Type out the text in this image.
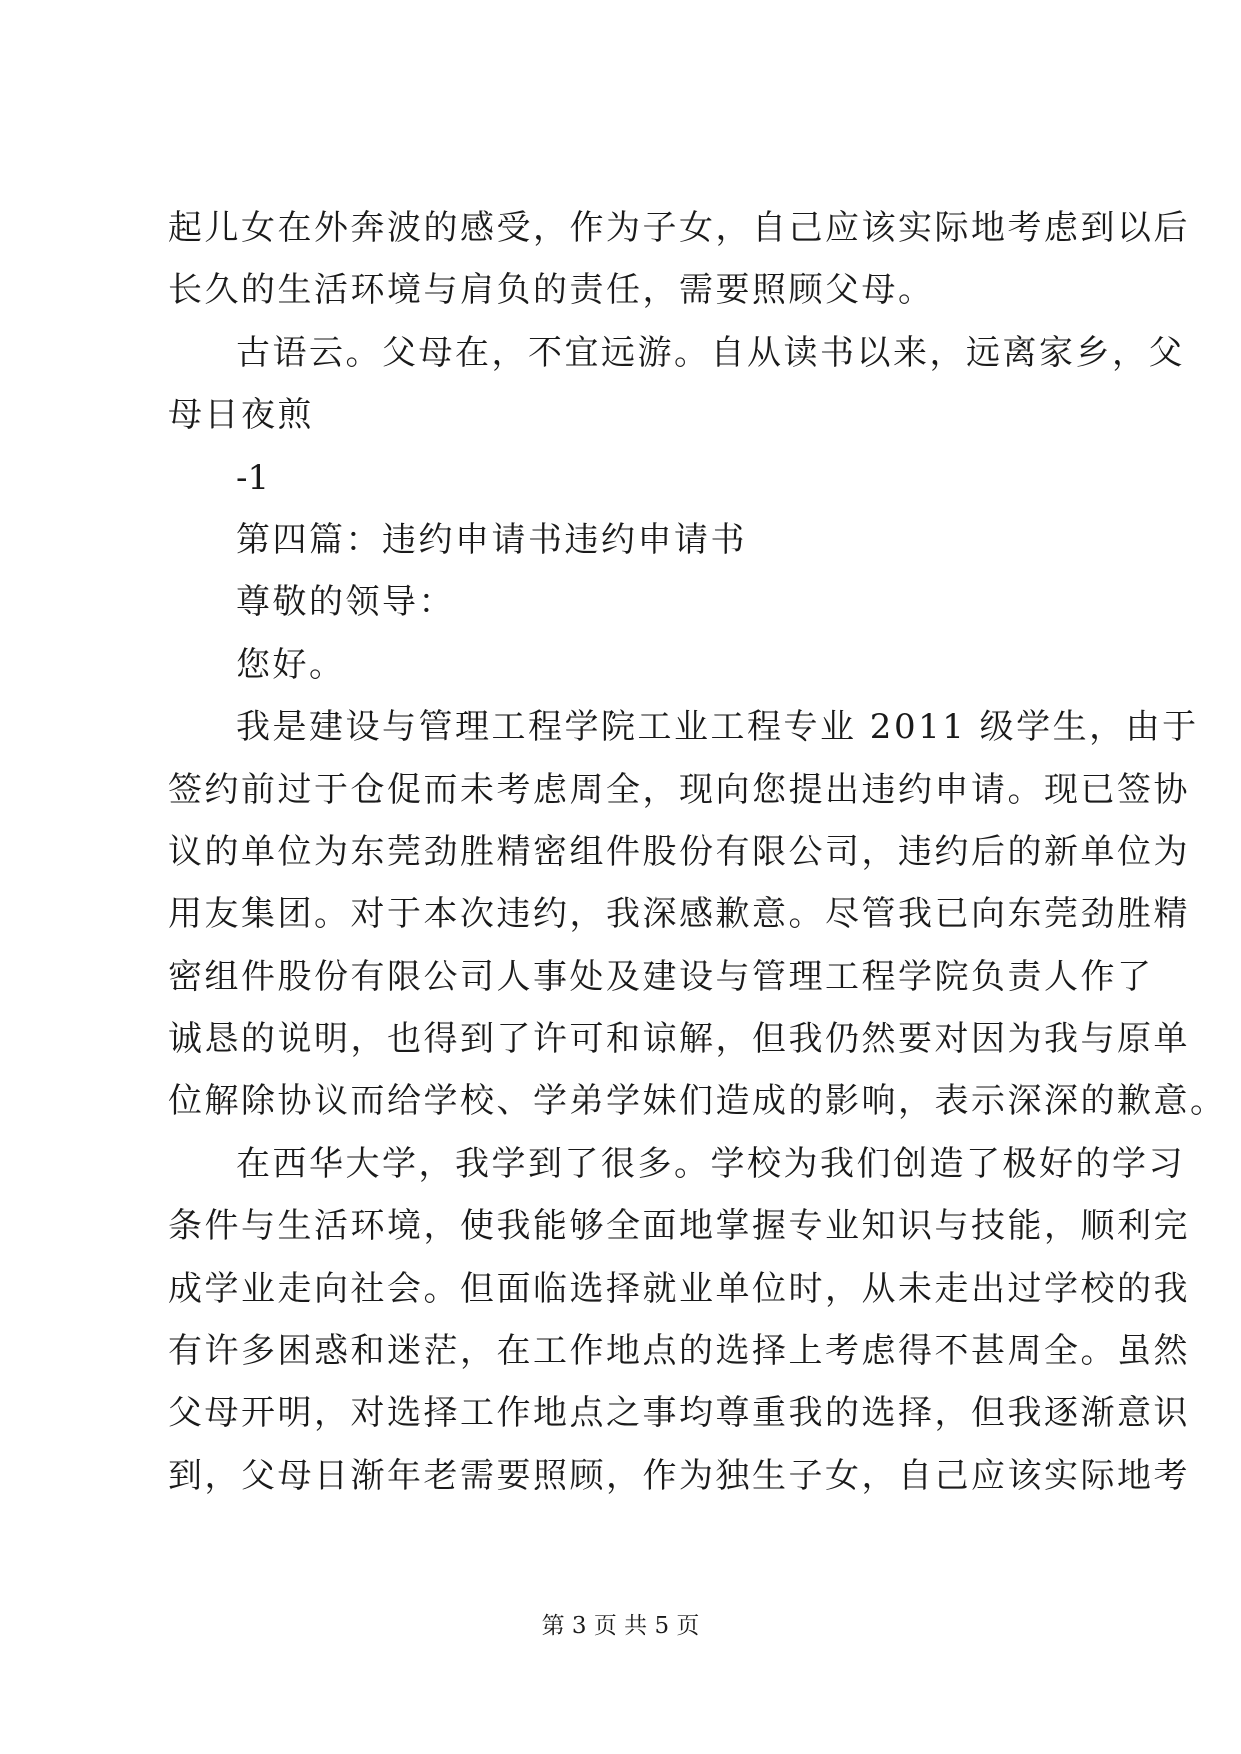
起儿女在外奔波的感受，作为子女，自己应该实际地考虑到以后
长久的生活环境与肩负的责任，需要照顾父母。
古语云。父母在，不宜远游。自从读书以来，远离家乡，父
母日夜煎
-1
第四篇：违约申请书违约申请书
尊敬的领导：
您好。
我是建设与管理工程学院工业工程专业 2011 级学生，由于
签约前过于仓促而未考虑周全，现向您提出违约申请。现已签协
议的单位为东莞劲胜精密组件股份有限公司，违约后的新单位为
用友集团。对于本次违约，我深感歉意。尽管我已向东莞劲胜精
密组件股份有限公司人事处及建设与管理工程学院负责人作了
诚恳的说明，也得到了许可和谅解，但我仍然要对因为我与原单
位解除协议而给学校、学弟学妹们造成的影响，表示深深的歉意。
在西华大学，我学到了很多。学校为我们创造了极好的学习
条件与生活环境，使我能够全面地掌握专业知识与技能，顺利完
成学业走向社会。但面临选择就业单位时，从未走出过学校的我
有许多困惑和迷茫，在工作地点的选择上考虑得不甚周全。虽然
父母开明，对选择工作地点之事均尊重我的选择，但我逐渐意识
到，父母日渐年老需要照顾，作为独生子女，自己应该实际地考
第 3 页 共 5 页
